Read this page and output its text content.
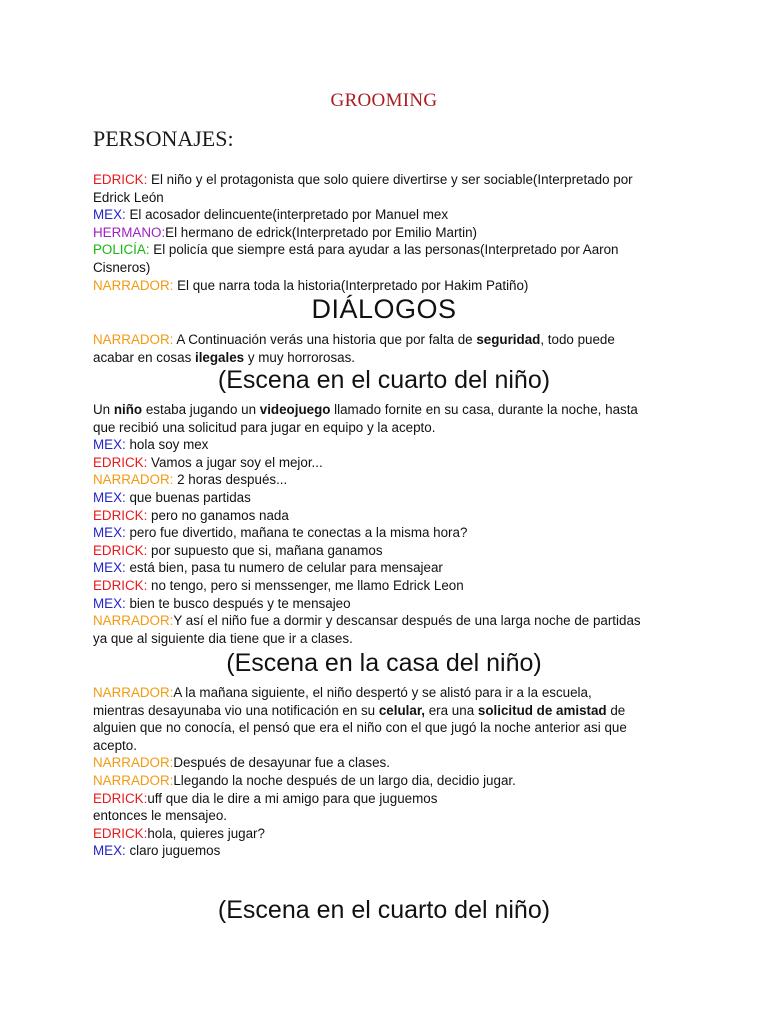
GROOMING
PERSONAJES:
EDRICK: El niño y el protagonista que solo quiere divertirse y ser sociable(Interpretado por
Edrick León
MEX: El acosador delincuente(interpretado por Manuel mex
HERMANO:El hermano de edrick(Interpretado por Emilio Martin)
POLICÍA: El policía que siempre está para ayudar a las personas(Interpretado por Aaron
Cisneros)
NARRADOR: El que narra toda la historia(Interpretado por Hakim Patiño)
DIÁLOGOS
NARRADOR: A Continuación verás una historia que por falta de seguridad, todo puede
acabar en cosas ilegales y muy horrorosas.
(Escena en el cuarto del niño)
Un niño estaba jugando un videojuego llamado fornite en su casa, durante la noche, hasta
que recibió una solicitud para jugar en equipo y la acepto.
MEX: hola soy mex
EDRICK: Vamos a jugar soy el mejor...
NARRADOR: 2 horas después...
MEX: que buenas partidas
EDRICK: pero no ganamos nada
MEX: pero fue divertido, mañana te conectas a la misma hora?
EDRICK: por supuesto que si, mañana ganamos
MEX: está bien, pasa tu numero de celular para mensajear
EDRICK: no tengo, pero si menssenger, me llamo Edrick Leon
MEX: bien te busco después y te mensajeo
NARRADOR:Y así el niño fue a dormir y descansar después de una larga noche de partidas
ya que al siguiente dia tiene que ir a clases.
(Escena en la casa del niño)
NARRADOR:A la mañana siguiente, el niño despertó y se alistó para ir a la escuela,
mientras desayunaba vio una notificación en su celular, era una solicitud de amistad de
alguien que no conocía, el pensó que era el niño con el que jugó la noche anterior asi que
acepto.
NARRADOR:Después de desayunar fue a clases.
NARRADOR:Llegando la noche después de un largo dia, decidio jugar.
EDRICK:uff que dia le dire a mi amigo para que juguemos
entonces le mensajeo.
EDRICK:hola, quieres jugar?
MEX: claro juguemos
(Escena en el cuarto del niño)
